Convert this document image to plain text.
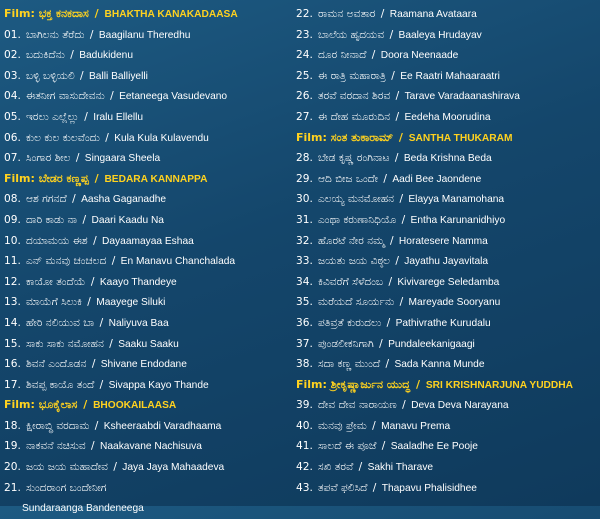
Film: ಭಕ್ತ ಕನಕದಾಸ / BHAKTHA KANAKADAASA
01. ಬಾಗಿಲನು ತೆರೆದು / Baagilanu Theredhu
02. ಬದುಕಿದೆನು / Badukidenu
03. ಬಳ್ಳಿ ಬಳ್ಳಿಯಲಿ / Balli Balliyelli
04. ಈತನೀಗ ವಾಸುದೇವನು / Eetaneega Vasudevano
05. ಇರಲು ಎಲ್ಲೆಲ್ಲು / Iralu Ellellu
06. ಕುಲ ಕುಲ ಕುಲವೆಂದು / Kula Kula Kulavendu
07. ಸಿಂಗಾರ ಶೀಲ / Singaara Sheela
Film: ಬೇಡರ ಕಣ್ಣಪ್ಪ / BEDARA KANNAPPA
08. ಆಶ ಗಗನದೆ / Aasha Gaganadhe
09. ದಾರಿ ಕಾಡು ನಾ / Daari Kaadu Na
10. ದಯಾಮಯ ಈಶ / Dayaamayaa Eshaa
11. ಎನ್ ಮನವು ಚಂಚಲದ / En Manavu Chanchalada
12. ಕಾಯೋ ತಂದೆಯೆ / Kaayo Thandeye
13. ಮಾಯೆಗೆ ಸಿಲುಕಿ / Maayege Siluki
14. ಹೇರಿ ನಲಿಯುವ ಬಾ / Naliyuva Baa
15. ಸಾಕು ಸಾಕು ನಮೋಹನ / Saaku Saaku
16. ಶಿವನೆ ಎಂದೊಡನ / Shivane Endodane
17. ಶಿವಪ್ಪ ಕಾಯೊ ತಂದೆ / Sivappa Kayo Thande
Film: ಭೂಕೈಲಾಸ / BHOOKAILAASA
18. ಕ್ಷೀರಾಬ್ಧಿ ವರದಾಮ / Ksheeraabdi Varadhaama
19. ನಾಕವನೆ ನಚಿಸುವ / Naakavane Nachisuva
20. ಜಯ ಜಯ ಮಹಾದೇವ / Jaya Jaya Mahaadeva
21. ಸುಂದರಾಂಗ ಬಂದೇನೀಗ
Sundaraanga Bandeneega
22. ರಾಮನ ಅವತಾರ / Raamana Avataara
23. ಬಾಲೆಯ ಹೃದಯವ / Baaleya Hrudayav
24. ದೂರ ನೀನಾದೆ / Doora Neenaade
25. ಈ ರಾತ್ರಿ ಮಹಾರಾತ್ರಿ / Ee Raatri Mahaaraatri
26. ತರವೆ ವರದಾನ ಶಿರವ / Tarave Varadaanashirava
27. ಈ ದೇಹ ಮೂರುದಿನ / Eedeha Moorudina
Film: ಸಂತ ತುಕಾರಾಮ್ / SANTHA THUKARAM
28. ಬೇಡ ಕೃಷ್ಣ ರಂಗಿನಾಟ / Beda Krishna Beda
29. ಆದಿ ಬೀಜ ಒಂದೇ / Aadi Bee Jaondene
30. ಎಲಯ್ಯ ಮನಮೋಹನ / Elayya Manamohana
31. ಎಂಥಾ ಕರುಣಾನಿಧಿಯೊ / Entha Karunanidhiyo
32. ಹೊರಟೆ ನೇರ ನಮ್ಮ / Horatesere Namma
33. ಜಯತು ಜಯ ವಿಠ್ಠಲ / Jayathu Jayavitala
34. ಕಿವಿವರೆಗೆ ಸೆಳೆದಂಬ / Kivivarege Seledamba
35. ಮರೆಯದೆ ಸೂರ್ಯನು / Mareyade Sooryanu
36. ಪತಿವ್ರತೆ ಕುರುದಲು / Pathivrathe Kurudalu
37. ಪುಂಡಲೀಕನಿಗಾಗಿ / Pundaleekanigaagi
38. ಸದಾ ಕಣ್ಣ ಮುಂದೆ / Sada Kanna Munde
Film: ಶ್ರೀಕೃಷ್ಣಾರ್ಜುನ ಯುದ್ಧ / SRI KRISHNARJUNA YUDDHA
39. ದೇವ ದೇವ ನಾರಾಯಣ / Deva Deva Narayana
40. ಮನವು ಪ್ರೇಮ / Manavu Prema
41. ಸಾಲದೆ ಈ ಪೂಜೆ / Saaladhe Ee Pooje
42. ಸಖಿ ತರವೆ / Sakhi Tharave
43. ತಪವೆ ಫಲಿಸಿದೆ / Thapavu Phalisidhee
